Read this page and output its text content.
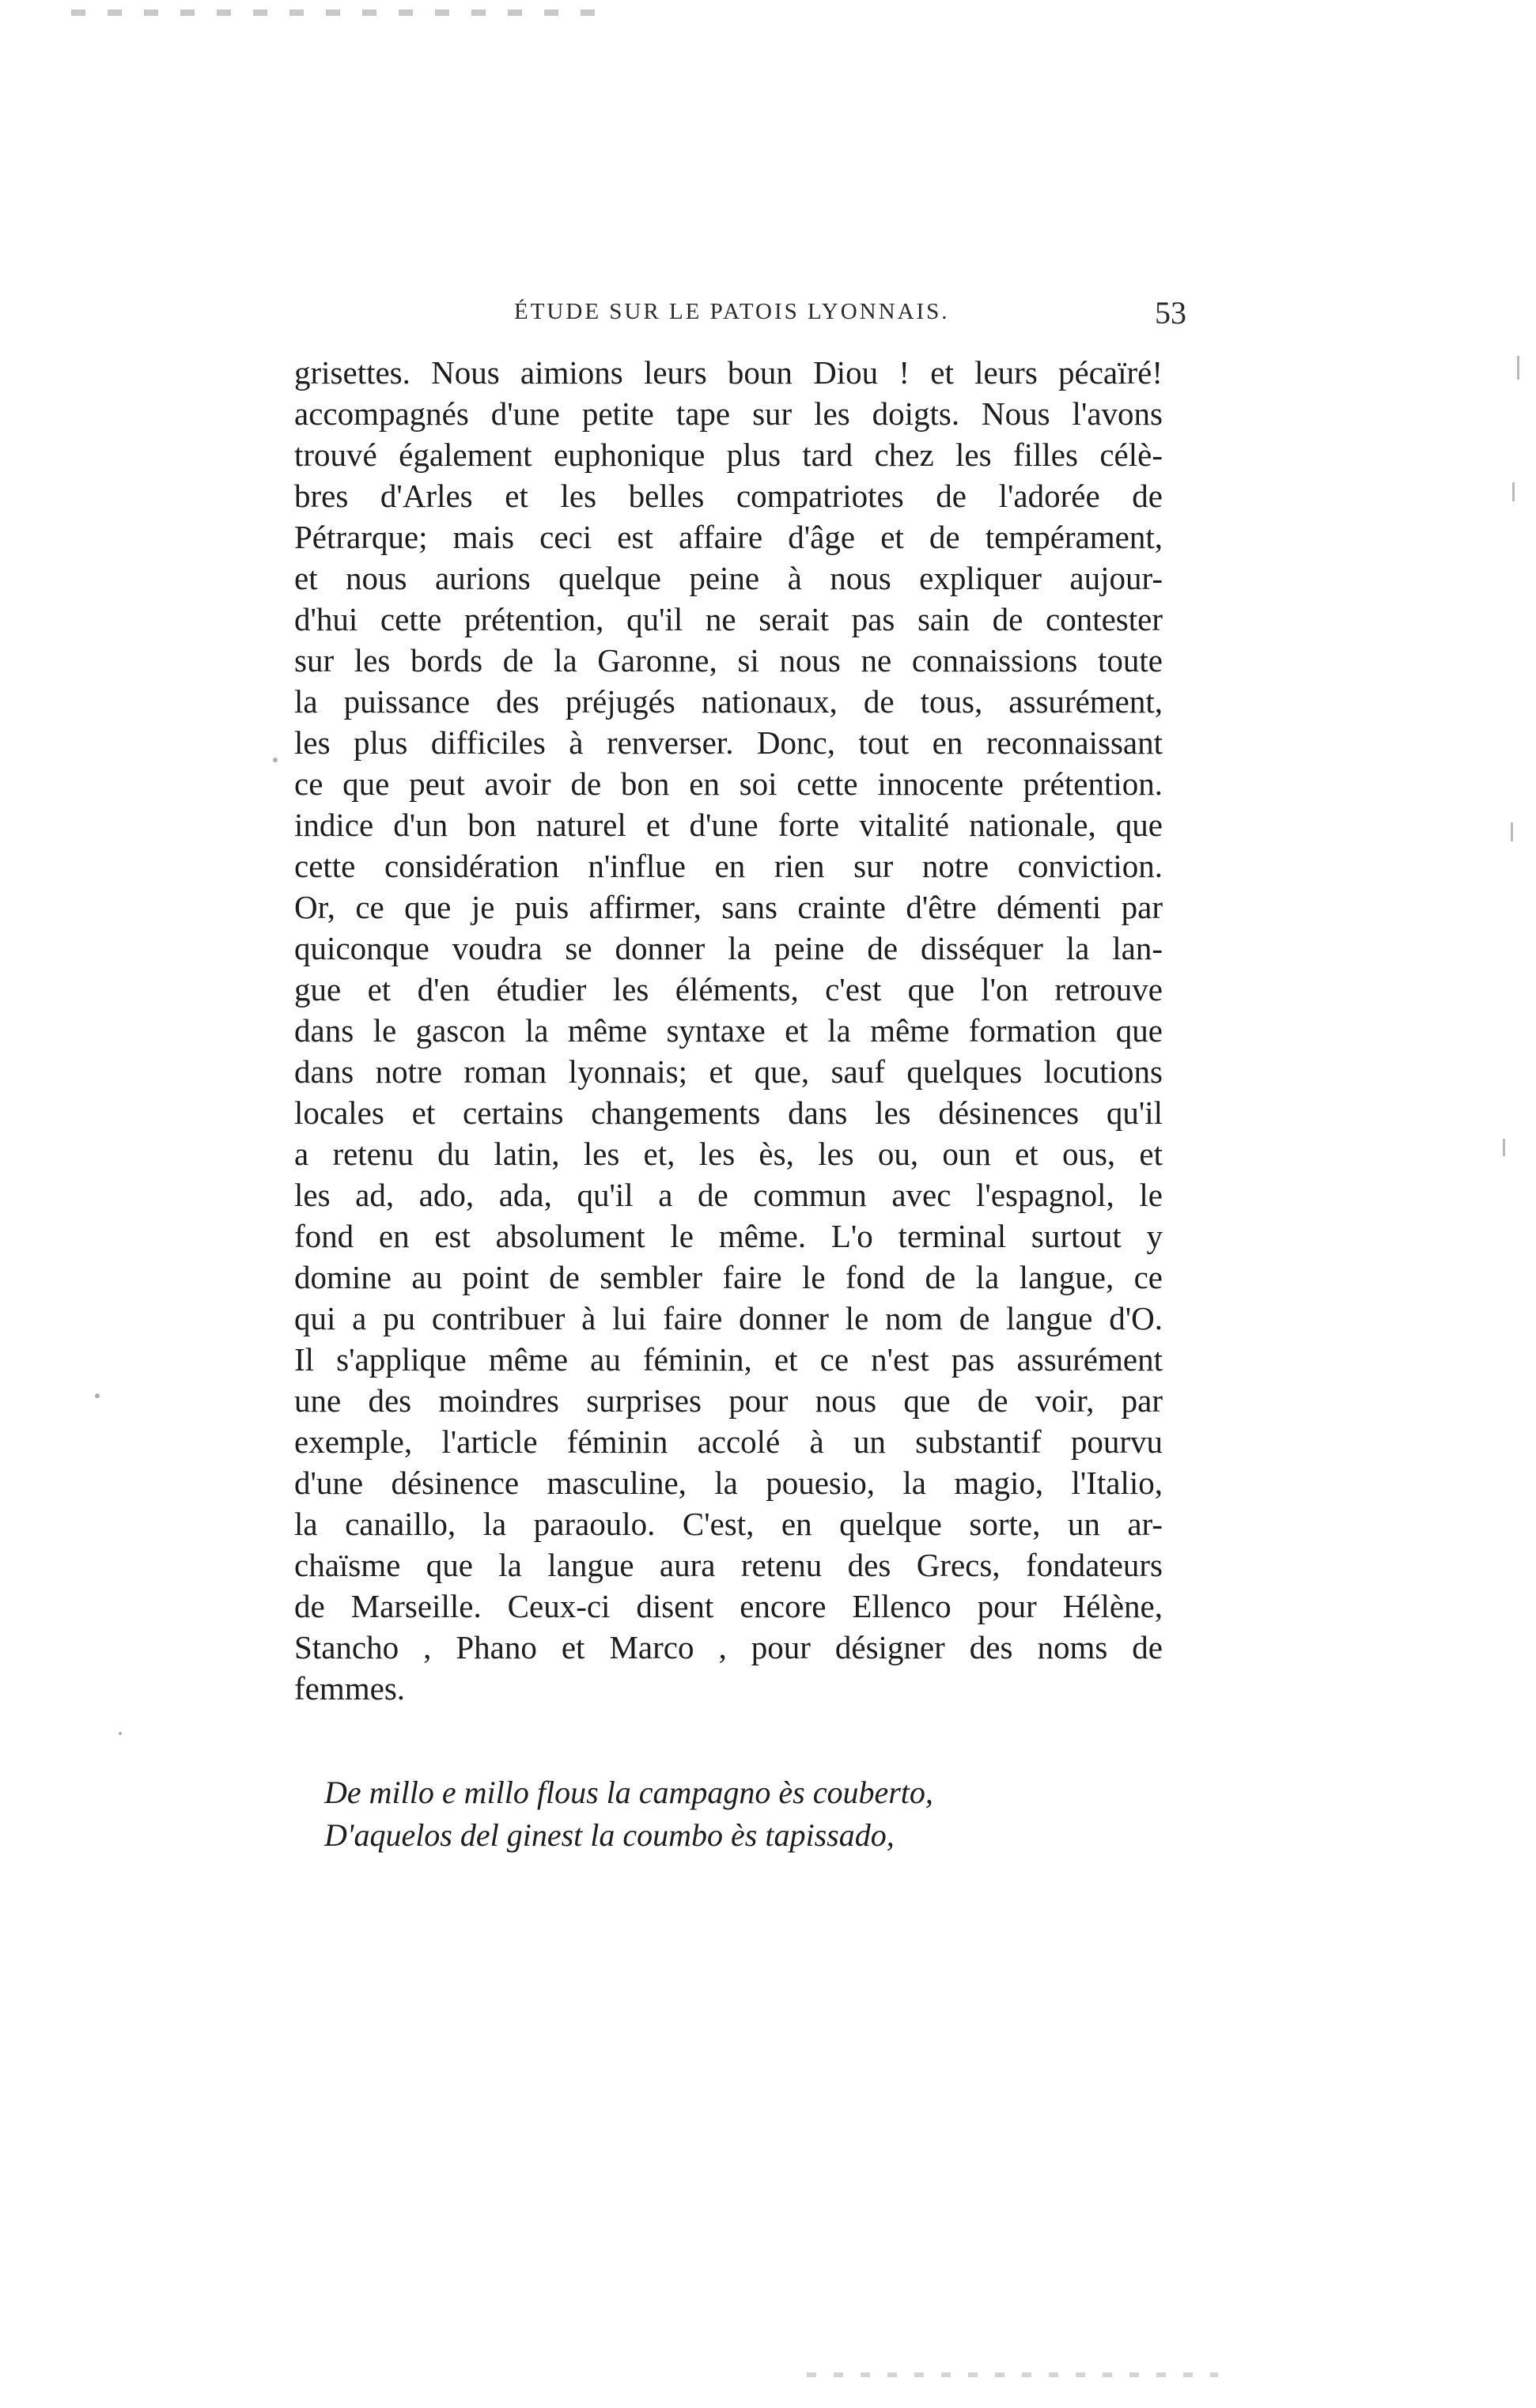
ÉTUDE SUR LE PATOIS LYONNAIS.	53
grisettes. Nous aimions leurs boun Diou ! et leurs pécaïré!
accompagnés d'une petite tape sur les doigts. Nous l'avons
trouvé également euphonique plus tard chez les filles célè-
bres d'Arles et les belles compatriotes de l'adorée de
Pétrarque; mais ceci est affaire d'âge et de tempérament,
et nous aurions quelque peine à nous expliquer aujour-
d'hui cette prétention, qu'il ne serait pas sain de contester
sur les bords de la Garonne, si nous ne connaissions toute
la puissance des préjugés nationaux, de tous, assurément,
les plus difficiles à renverser. Donc, tout en reconnaissant
ce que peut avoir de bon en soi cette innocente prétention.
indice d'un bon naturel et d'une forte vitalité nationale, que
cette considération n'influe en rien sur notre conviction.
Or, ce que je puis affirmer, sans crainte d'être démenti par
quiconque voudra se donner la peine de disséquer la lan-
gue et d'en étudier les éléments, c'est que l'on retrouve
dans le gascon la même syntaxe et la même formation que
dans notre roman lyonnais; et que, sauf quelques locutions
locales et certains changements dans les désinences qu'il
a retenu du latin, les et, les ès, les ou, oun et ous, et
les ad, ado, ada, qu'il a de commun avec l'espagnol, le
fond en est absolument le même. L'o terminal surtout y
domine au point de sembler faire le fond de la langue, ce
qui a pu contribuer à lui faire donner le nom de langue d'O.
Il s'applique même au féminin, et ce n'est pas assurément
une des moindres surprises pour nous que de voir, par
exemple, l'article féminin accolé à un substantif pourvu
d'une désinence masculine, la pouesio, la magio, l'Italio,
la canaillo, la paraoulo. C'est, en quelque sorte, un ar-
chaïsme que la langue aura retenu des Grecs, fondateurs
de Marseille. Ceux-ci disent encore Ellenco pour Hélène,
Stancho , Phano et Marco , pour désigner des noms de
femmes.
De millo e millo flous la campagno ès couberto,
D'aquelos del ginest la coumbo ès tapissado,
